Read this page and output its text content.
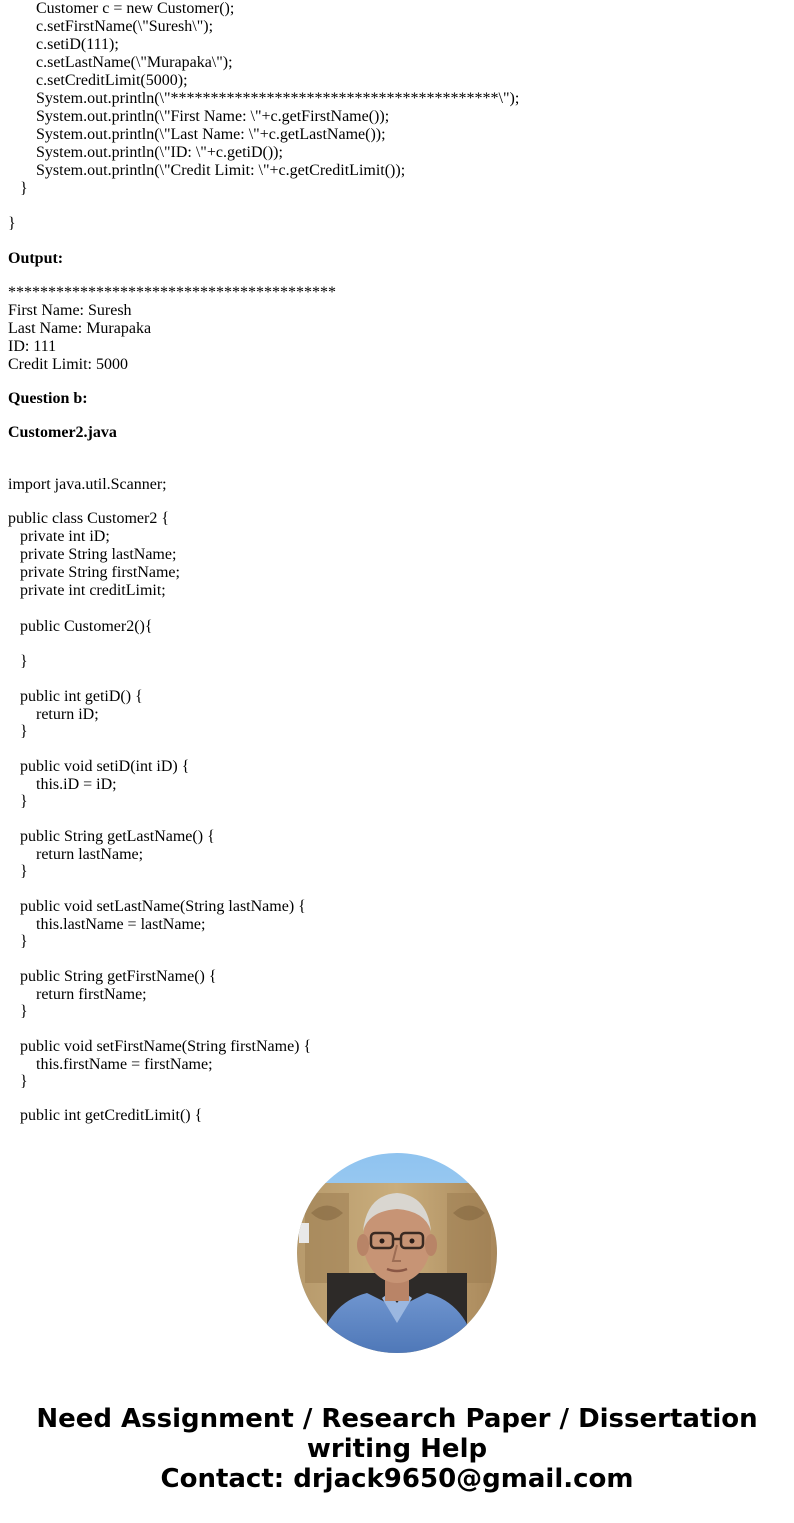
Customer c = new Customer();

c.setFirstName(\"Suresh\");

c.setiD(111);

c.setLastName(\"Murapaka\");

c.setCreditLimit(5000);

System.out.println(\"*****************************************\");

System.out.println(\"First Name: \"+c.getFirstName());

System.out.println(\"Last Name: \"+c.getLastName());

System.out.println(\"ID: \"+c.getiD());

System.out.println(\"Credit Limit: \"+c.getCreditLimit());

}

}

Output:

*****************************************

First Name: Suresh

Last Name: Murapaka

ID: 111

Credit Limit: 5000

Question b:

Customer2.java

import java.util.Scanner;

public class Customer2 {

private int iD;

private String lastName;

private String firstName;

private int creditLimit;

public Customer2(){

}

public int getiD() {

return iD;

}

public void setiD(int iD) {

this.iD = iD;

}

public String getLastName() {

return lastName;

}

public void setLastName(String lastName) {

this.lastName = lastName;

}

public String getFirstName() {

return firstName;

}

public void setFirstName(String firstName) {

this.firstName = firstName;

}

public int getCreditLimit() {

Need Assignment / Research Paper / Dissertation

writing Help

Contact: drjack9650@gmail.com
